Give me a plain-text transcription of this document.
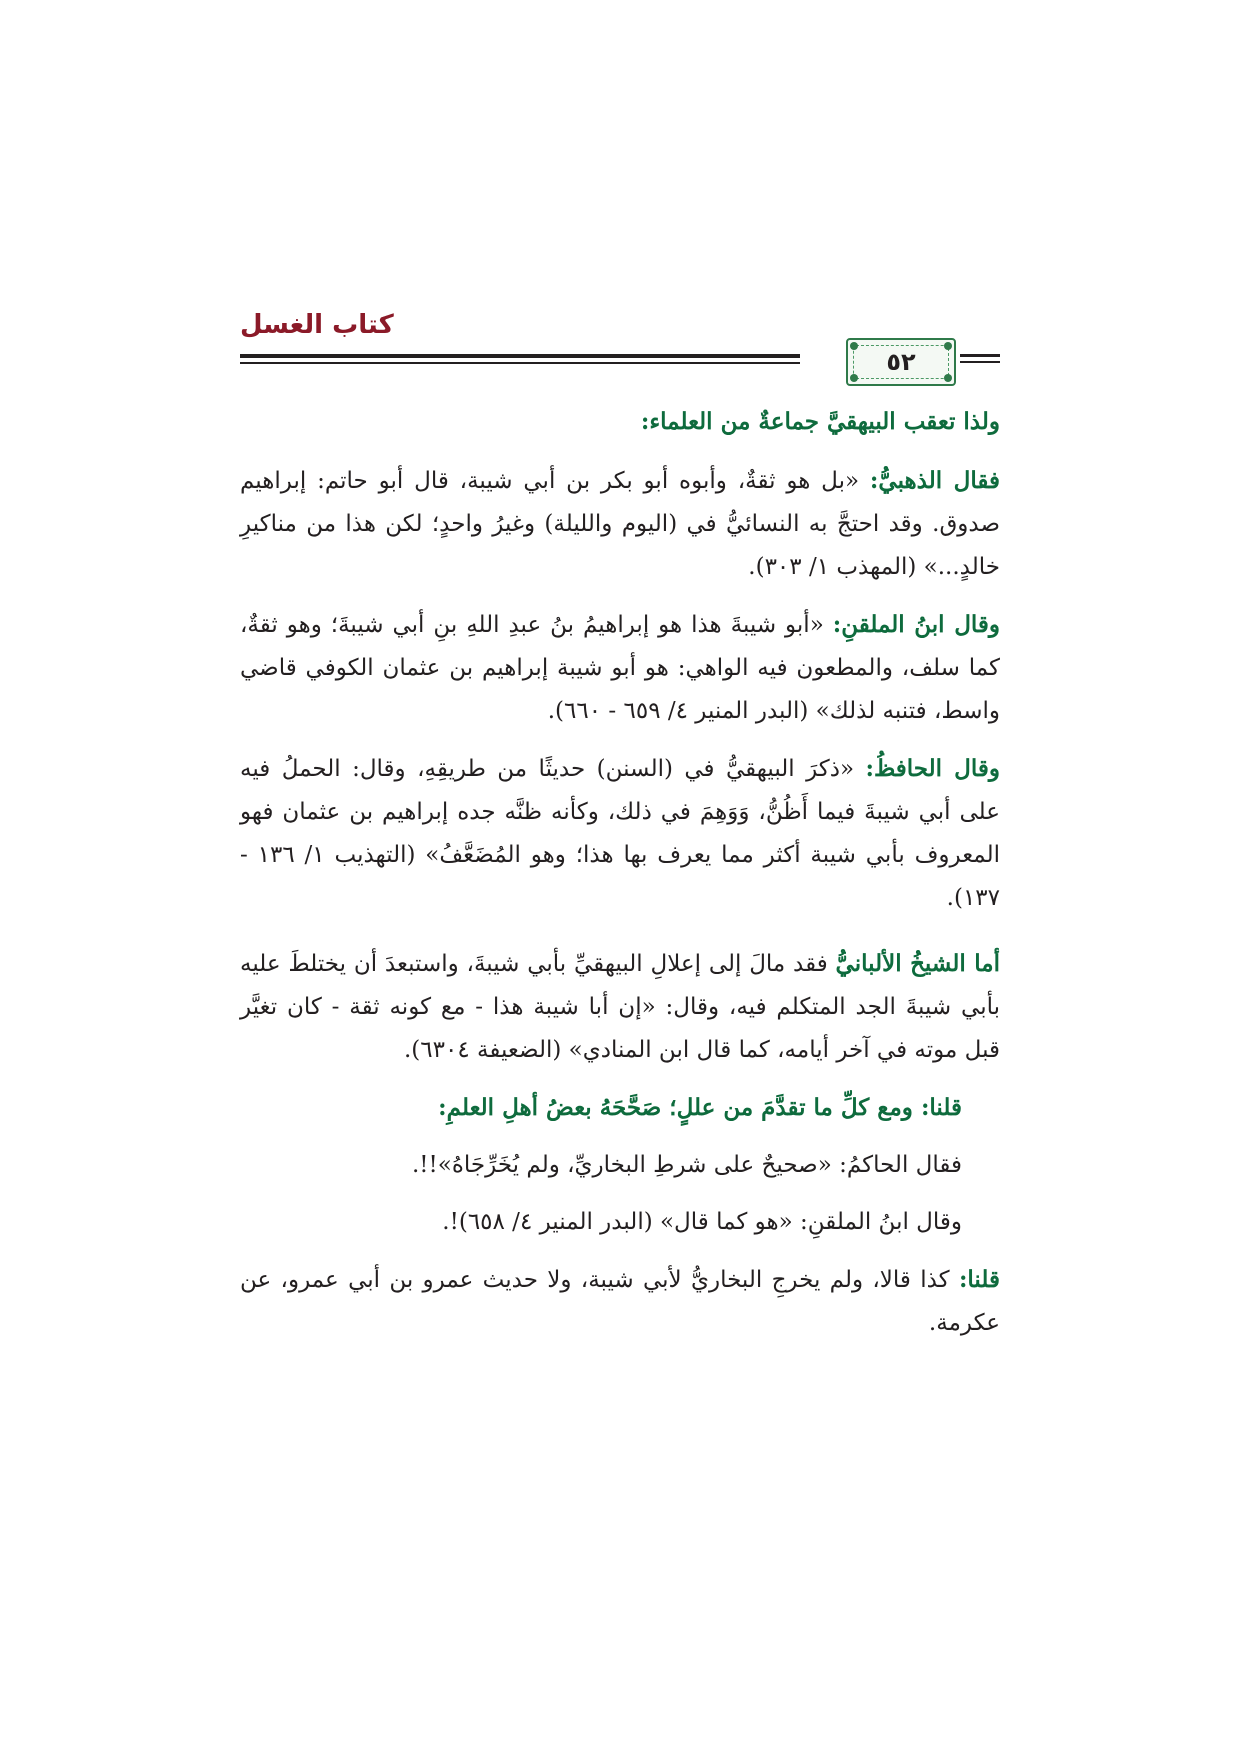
كتاب الغسل
٥٢

ولذا تعقب البيهقيَّ جماعةٌ من العلماء:

فقال الذهبيُّ: «بل هو ثقةٌ، وأبوه أبو بكر بن أبي شيبة، قال أبو حاتم: إبراهيم صدوق. وقد احتجَّ به النسائيُّ في (اليوم والليلة) وغيرُ واحدٍ؛ لكن هذا من مناكيرِ خالدٍ...» (المهذب ١/ ٣٠٣).

وقال ابنُ الملقنِ: «أبو شيبةَ هذا هو إبراهيمُ بنُ عبدِ اللهِ بنِ أبي شيبةَ؛ وهو ثقةٌ، كما سلف، والمطعون فيه الواهي: هو أبو شيبة إبراهيم بن عثمان الكوفي قاضي واسط، فتنبه لذلك» (البدر المنير ٤/ ٦٥٩ - ٦٦٠).

وقال الحافظُ: «ذكرَ البيهقيُّ في (السنن) حديثًا من طريقِهِ، وقال: الحملُ فيه على أبي شيبةَ فيما أَظُنُّ، وَوَهِمَ في ذلك، وكأنه ظنَّه جده إبراهيم بن عثمان فهو المعروف بأبي شيبة أكثر مما يعرف بها هذا؛ وهو المُضَعَّفُ» (التهذيب ١/ ١٣٦ - ١٣٧).

أما الشيخُ الألبانيُّ فقد مالَ إلى إعلالِ البيهقيِّ بأبي شيبةَ، واستبعدَ أن يختلطَ عليه بأبي شيبةَ الجد المتكلم فيه، وقال: «إن أبا شيبة هذا - مع كونه ثقة - كان تغيَّر قبل موته في آخر أيامه، كما قال ابن المنادي» (الضعيفة ٦٣٠٤).

قلنا: ومع كلِّ ما تقدَّمَ من عللٍ؛ صَحَّحَهُ بعضُ أهلِ العلمِ:

فقال الحاكمُ: «صحيحٌ على شرطِ البخاريِّ، ولم يُخَرِّجَاهُ»!!.

وقال ابنُ الملقنِ: «هو كما قال» (البدر المنير ٤/ ٦٥٨)!.

قلنا: كذا قالا، ولم يخرجِ البخاريُّ لأبي شيبة، ولا حديث عمرو بن أبي عمرو، عن عكرمة.
